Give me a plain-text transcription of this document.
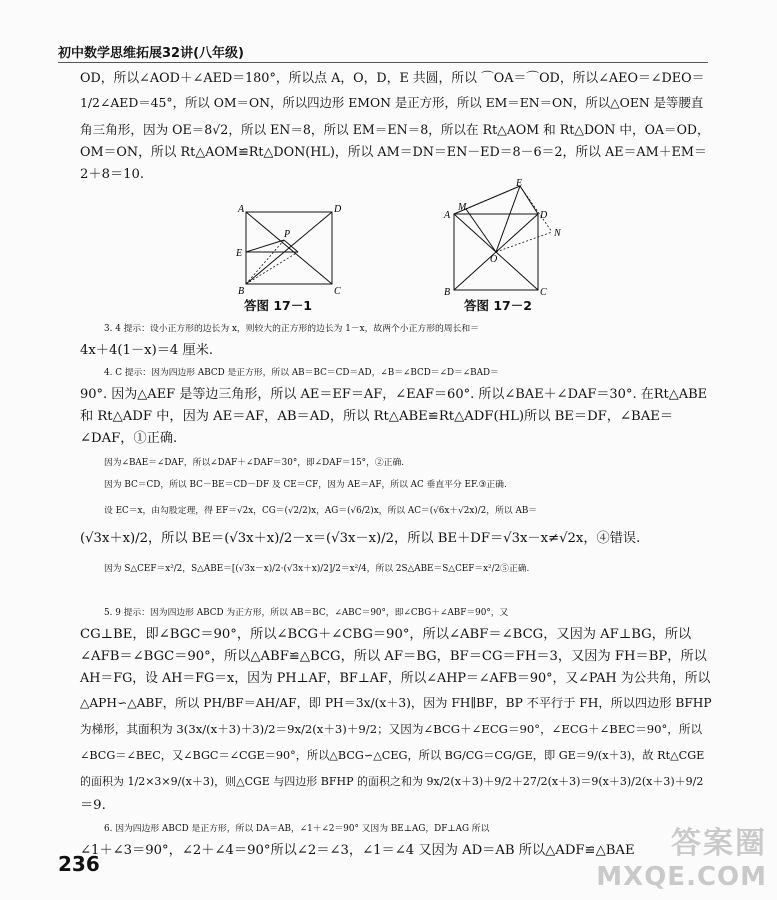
初中数学思维拓展32讲(八年级)
OD，所以∠AOD＋∠AED＝180°，所以点 A，O，D，E 共圆，所以 ⌒OA＝⌒OD，所以∠AEO＝∠DEO＝
1/2∠AED＝45°，所以 OM＝ON，所以四边形 EMON 是正方形，所以 EM＝EN＝ON，所以△OEN 是等腰直
角三角形，因为 OE＝8√2，所以 EN＝8，所以 EM＝EN＝8，所以在 Rt△AOM 和 Rt△DON 中，OA＝OD，
OM＝ON，所以 Rt△AOM≌Rt△DON(HL)，所以 AM＝DN＝EN－ED＝8－6＝2，所以 AE＝AM＋EM＝
2＋8＝10.
A	D
P
E
B	C
答图 17－1
E
M
A	D
N
O
B	C
答图 17－2
3. 4 提示：设小正方形的边长为 x，则较大的正方形的边长为 1－x，故两个小正方形的周长和＝
4x＋4(1－x)＝4 厘米.
4. C 提示：因为四边形 ABCD 是正方形，所以 AB＝BC＝CD＝AD，∠B＝∠BCD＝∠D＝∠BAD＝
90°. 因为△AEF 是等边三角形，所以 AE＝EF＝AF，∠EAF＝60°. 所以∠BAE＋∠DAF＝30°. 在Rt△ABE
和 Rt△ADF 中，因为 AE＝AF，AB＝AD，所以 Rt△ABE≌Rt△ADF(HL)所以 BE＝DF，∠BAE＝
∠DAF，①正确.
因为∠BAE＝∠DAF，所以∠DAF＋∠DAF＝30°，即∠DAF＝15°，②正确.
因为 BC＝CD，所以 BC－BE＝CD－DF 及 CE＝CF，因为 AE＝AF，所以 AC 垂直平分 EF.③正确.
设 EC＝x，由勾股定理，得 EF＝√2x，CG＝(√2/2)x，AG＝(√6/2)x，所以 AC＝(√6x＋√2x)/2，所以 AB＝
(√3x＋x)/2，所以 BE＝(√3x＋x)/2－x＝(√3x－x)/2，所以 BE＋DF＝√3x－x≠√2x，④错误.
因为 S△CEF＝x²/2，S△ABE＝[(√3x－x)/2·(√3x＋x)/2]/2＝x²/4，所以 2S△ABE＝S△CEF＝x²/2⑤正确.
5. 9 提示：因为四边形 ABCD 为正方形，所以 AB＝BC，∠ABC＝90°，即∠CBG＋∠ABF＝90°，又
CG⊥BE，即∠BGC＝90°，所以∠BCG＋∠CBG＝90°，所以∠ABF＝∠BCG，又因为 AF⊥BG，所以
∠AFB＝∠BGC＝90°，所以△ABF≌△BCG，所以 AF＝BG，BF＝CG＝FH＝3，又因为 FH＝BP，所以
AH＝FG，设 AH＝FG＝x，因为 PH⊥AF，BF⊥AF，所以∠AHP＝∠AFB＝90°，又∠PAH 为公共角，所以
△APH∽△ABF，所以 PH/BF＝AH/AF，即 PH＝3x/(x＋3)，因为 FH∥BF，BP 不平行于 FH，所以四边形 BFHP
为梯形，其面积为 3(3x/(x＋3)＋3)/2＝9x/2(x＋3)＋9/2；又因为∠BCG＋∠ECG＝90°，∠ECG＋∠BEC＝90°，所以
∠BCG＝∠BEC，又∠BGC＝∠CGE＝90°，所以△BCG∽△CEG，所以 BG/CG＝CG/GE，即 GE＝9/(x＋3)，故 Rt△CGE
的面积为 1/2×3×9/(x＋3)，则△CGE 与四边形 BFHP 的面积之和为 9x/2(x＋3)＋9/2＋27/2(x＋3)＝9(x＋3)/2(x＋3)＋9/2
＝9.
6. 因为四边形 ABCD 是正方形，所以 DA＝AB，∠1＋∠2＝90° 又因为 BE⊥AG，DF⊥AG 所以
∠1＋∠3＝90°，∠2＋∠4＝90°所以∠2＝∠3，∠1＝∠4 又因为 AD＝AB 所以△ADF≌△BAE
236
答案圈
MXQE.COM
